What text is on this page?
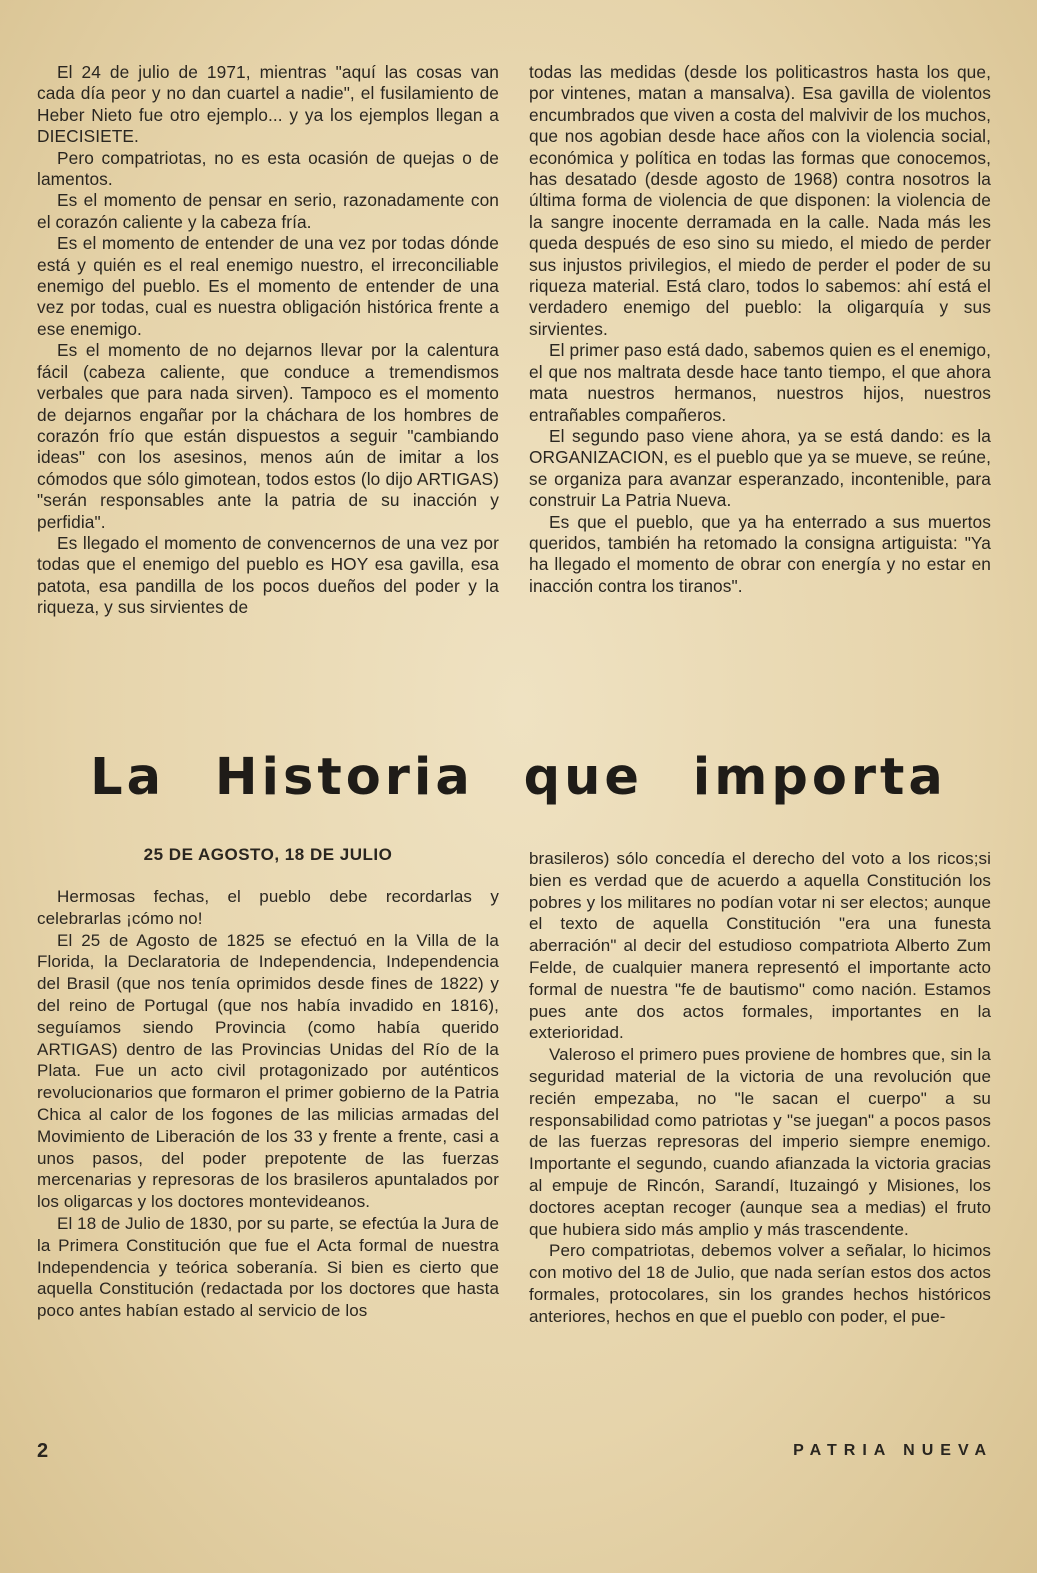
El 24 de julio de 1971, mientras "aquí las cosas van cada día peor y no dan cuartel a nadie", el fusilamiento de Heber Nieto fue otro ejemplo... y ya los ejemplos llegan a DIECISIETE.

Pero compatriotas, no es esta ocasión de quejas o de lamentos.

Es el momento de pensar en serio, razonadamente con el corazón caliente y la cabeza fría.

Es el momento de entender de una vez por todas dónde está y quién es el real enemigo nuestro, el irreconciliable enemigo del pueblo. Es el momento de entender de una vez por todas, cual es nuestra obligación histórica frente a ese enemigo.

Es el momento de no dejarnos llevar por la calentura fácil (cabeza caliente, que conduce a tremendismos verbales que para nada sirven). Tampoco es el momento de dejarnos engañar por la cháchara de los hombres de corazón frío que están dispuestos a seguir "cambiando ideas" con los asesinos, menos aún de imitar a los cómodos que sólo gimotean, todos estos (lo dijo ARTIGAS) "serán responsables ante la patria de su inacción y perfidia".

Es llegado el momento de convencernos de una vez por todas que el enemigo del pueblo es HOY esa gavilla, esa patota, esa pandilla de los pocos dueños del poder y la riqueza, y sus sirvientes de

todas las medidas (desde los politicastros hasta los que, por vintenes, matan a mansalva). Esa gavilla de violentos encumbrados que viven a costa del malvivir de los muchos, que nos agobian desde hace años con la violencia social, económica y política en todas las formas que conocemos, has desatado (desde agosto de 1968) contra nosotros la última forma de violencia de que disponen: la violencia de la sangre inocente derramada en la calle. Nada más les queda después de eso sino su miedo, el miedo de perder sus injustos privilegios, el miedo de perder el poder de su riqueza material. Está claro, todos lo sabemos: ahí está el verdadero enemigo del pueblo: la oligarquía y sus sirvientes.

El primer paso está dado, sabemos quien es el enemigo, el que nos maltrata desde hace tanto tiempo, el que ahora mata nuestros hermanos, nuestros hijos, nuestros entrañables compañeros.

El segundo paso viene ahora, ya se está dando: es la ORGANIZACION, es el pueblo que ya se mueve, se reúne, se organiza para avanzar esperanzado, incontenible, para construir La Patria Nueva.

Es que el pueblo, que ya ha enterrado a sus muertos queridos, también ha retomado la consigna artiguista: "Ya ha llegado el momento de obrar con energía y no estar en inacción contra los tiranos".

La Historia que importa
25 DE AGOSTO, 18 DE JULIO

Hermosas fechas, el pueblo debe recordarlas y celebrarlas ¡cómo no!

El 25 de Agosto de 1825 se efectuó en la Villa de la Florida, la Declaratoria de Independencia, Independencia del Brasil (que nos tenía oprimidos desde fines de 1822) y del reino de Portugal (que nos había invadido en 1816), seguíamos siendo Provincia (como había querido ARTIGAS) dentro de las Provincias Unidas del Río de la Plata. Fue un acto civil protagonizado por auténticos revolucionarios que formaron el primer gobierno de la Patria Chica al calor de los fogones de las milicias armadas del Movimiento de Liberación de los 33 y frente a frente, casi a unos pasos, del poder prepotente de las fuerzas mercenarias y represoras de los brasileros apuntalados por los oligarcas y los doctores montevideanos.

El 18 de Julio de 1830, por su parte, se efectúa la Jura de la Primera Constitución que fue el Acta formal de nuestra Independencia y teórica soberanía. Si bien es cierto que aquella Constitución (redactada por los doctores que hasta poco antes habían estado al servicio de los

brasileros) sólo concedía el derecho del voto a los ricos;si bien es verdad que de acuerdo a aquella Constitución los pobres y los militares no podían votar ni ser electos; aunque el texto de aquella Constitución "era una funesta aberración" al decir del estudioso compatriota Alberto Zum Felde, de cualquier manera representó el importante acto formal de nuestra "fe de bautismo" como nación. Estamos pues ante dos actos formales, importantes en la exterioridad.

Valeroso el primero pues proviene de hombres que, sin la seguridad material de la victoria de una revolución que recién empezaba, no "le sacan el cuerpo" a su responsabilidad como patriotas y "se juegan" a pocos pasos de las fuerzas represoras del imperio siempre enemigo. Importante el segundo, cuando afianzada la victoria gracias al empuje de Rincón, Sarandí, Ituzaingó y Misiones, los doctores aceptan recoger (aunque sea a medias) el fruto que hubiera sido más amplio y más trascendente.

Pero compatriotas, debemos volver a señalar, lo hicimos con motivo del 18 de Julio, que nada serían estos dos actos formales, protocolares, sin los grandes hechos históricos anteriores, hechos en que el pueblo con poder, el pue-

2	PATRIA NUEVA
